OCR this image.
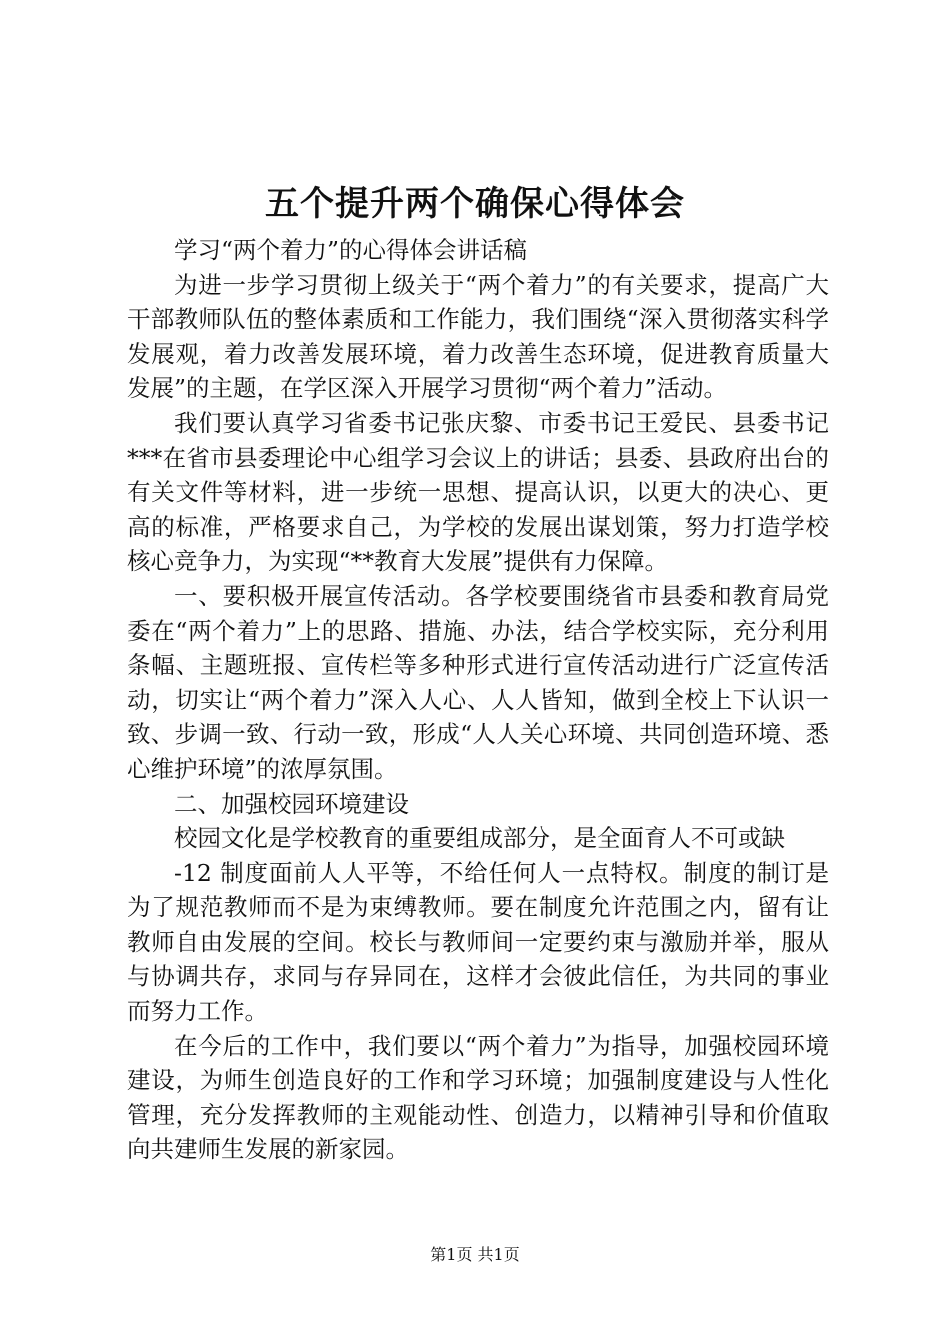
五个提升两个确保心得体会

学习“两个着力”的心得体会讲话稿

为进一步学习贯彻上级关于“两个着力”的有关要求，提高广大干部教师队伍的整体素质和工作能力，我们围绕“深入贯彻落实科学发展观，着力改善发展环境，着力改善生态环境，促进教育质量大发展”的主题，在学区深入开展学习贯彻“两个着力”活动。

我们要认真学习省委书记张庆黎、市委书记王爱民、县委书记***在省市县委理论中心组学习会议上的讲话；县委、县政府出台的有关文件等材料，进一步统一思想、提高认识，以更大的决心、更高的标准，严格要求自己，为学校的发展出谋划策，努力打造学校核心竞争力，为实现“**教育大发展”提供有力保障。

一、要积极开展宣传活动。各学校要围绕省市县委和教育局党委在“两个着力”上的思路、措施、办法，结合学校实际，充分利用条幅、主题班报、宣传栏等多种形式进行宣传活动进行广泛宣传活动，切实让“两个着力”深入人心、人人皆知，做到全校上下认识一致、步调一致、行动一致，形成“人人关心环境、共同创造环境、悉心维护环境”的浓厚氛围。

二、加强校园环境建设

校园文化是学校教育的重要组成部分，是全面育人不可或缺

-12 制度面前人人平等，不给任何人一点特权。制度的制订是为了规范教师而不是为束缚教师。要在制度允许范围之内，留有让教师自由发展的空间。校长与教师间一定要约束与激励并举，服从与协调共存，求同与存异同在，这样才会彼此信任，为共同的事业而努力工作。

在今后的工作中，我们要以“两个着力”为指导，加强校园环境建设，为师生创造良好的工作和学习环境；加强制度建设与人性化管理，充分发挥教师的主观能动性、创造力，以精神引导和价值取向共建师生发展的新家园。

第1页 共1页
